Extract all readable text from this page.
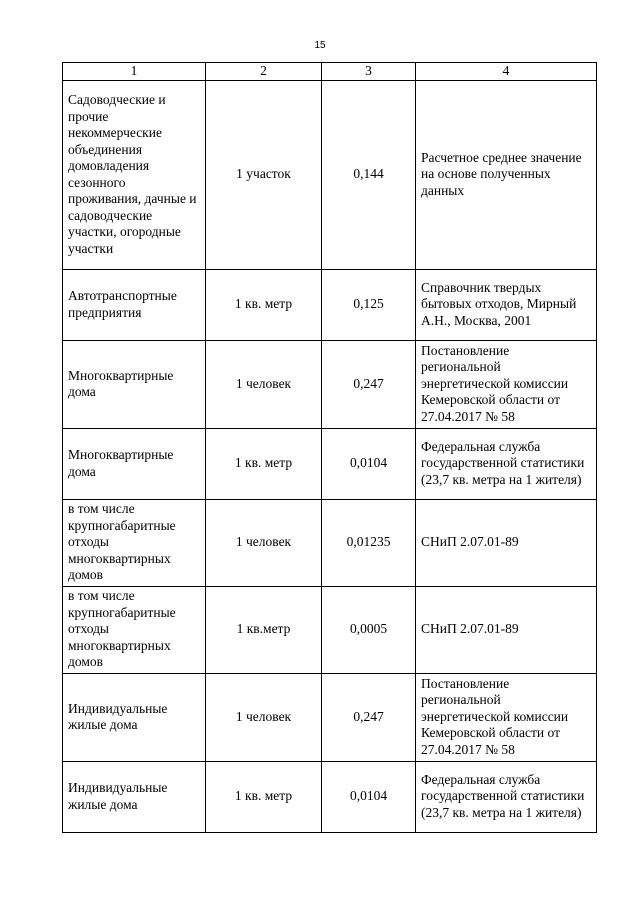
15
1	2	3	4
Садоводческие и прочие некоммерческие объединения домовладения сезонного проживания, дачные и садоводческие участки, огородные участки	1 участок	0,144	Расчетное среднее значение на основе полученных данных
Автотранспортные предприятия	1 кв. метр	0,125	Справочник твердых бытовых отходов, Мирный А.Н., Москва, 2001
Многоквартирные дома	1 человек	0,247	Постановление региональной энергетической комиссии Кемеровской области от 27.04.2017 № 58
Многоквартирные дома	1 кв. метр	0,0104	Федеральная служба государственной статистики (23,7 кв. метра на 1 жителя)
в том числе крупногабаритные отходы многоквартирных домов	1 человек	0,01235	СНиП 2.07.01-89
в том числе крупногабаритные отходы многоквартирных домов	1 кв.метр	0,0005	СНиП 2.07.01-89
Индивидуальные жилые дома	1 человек	0,247	Постановление региональной энергетической комиссии Кемеровской области от 27.04.2017 № 58
Индивидуальные жилые дома	1 кв. метр	0,0104	Федеральная служба государственной статистики (23,7 кв. метра на 1 жителя)
